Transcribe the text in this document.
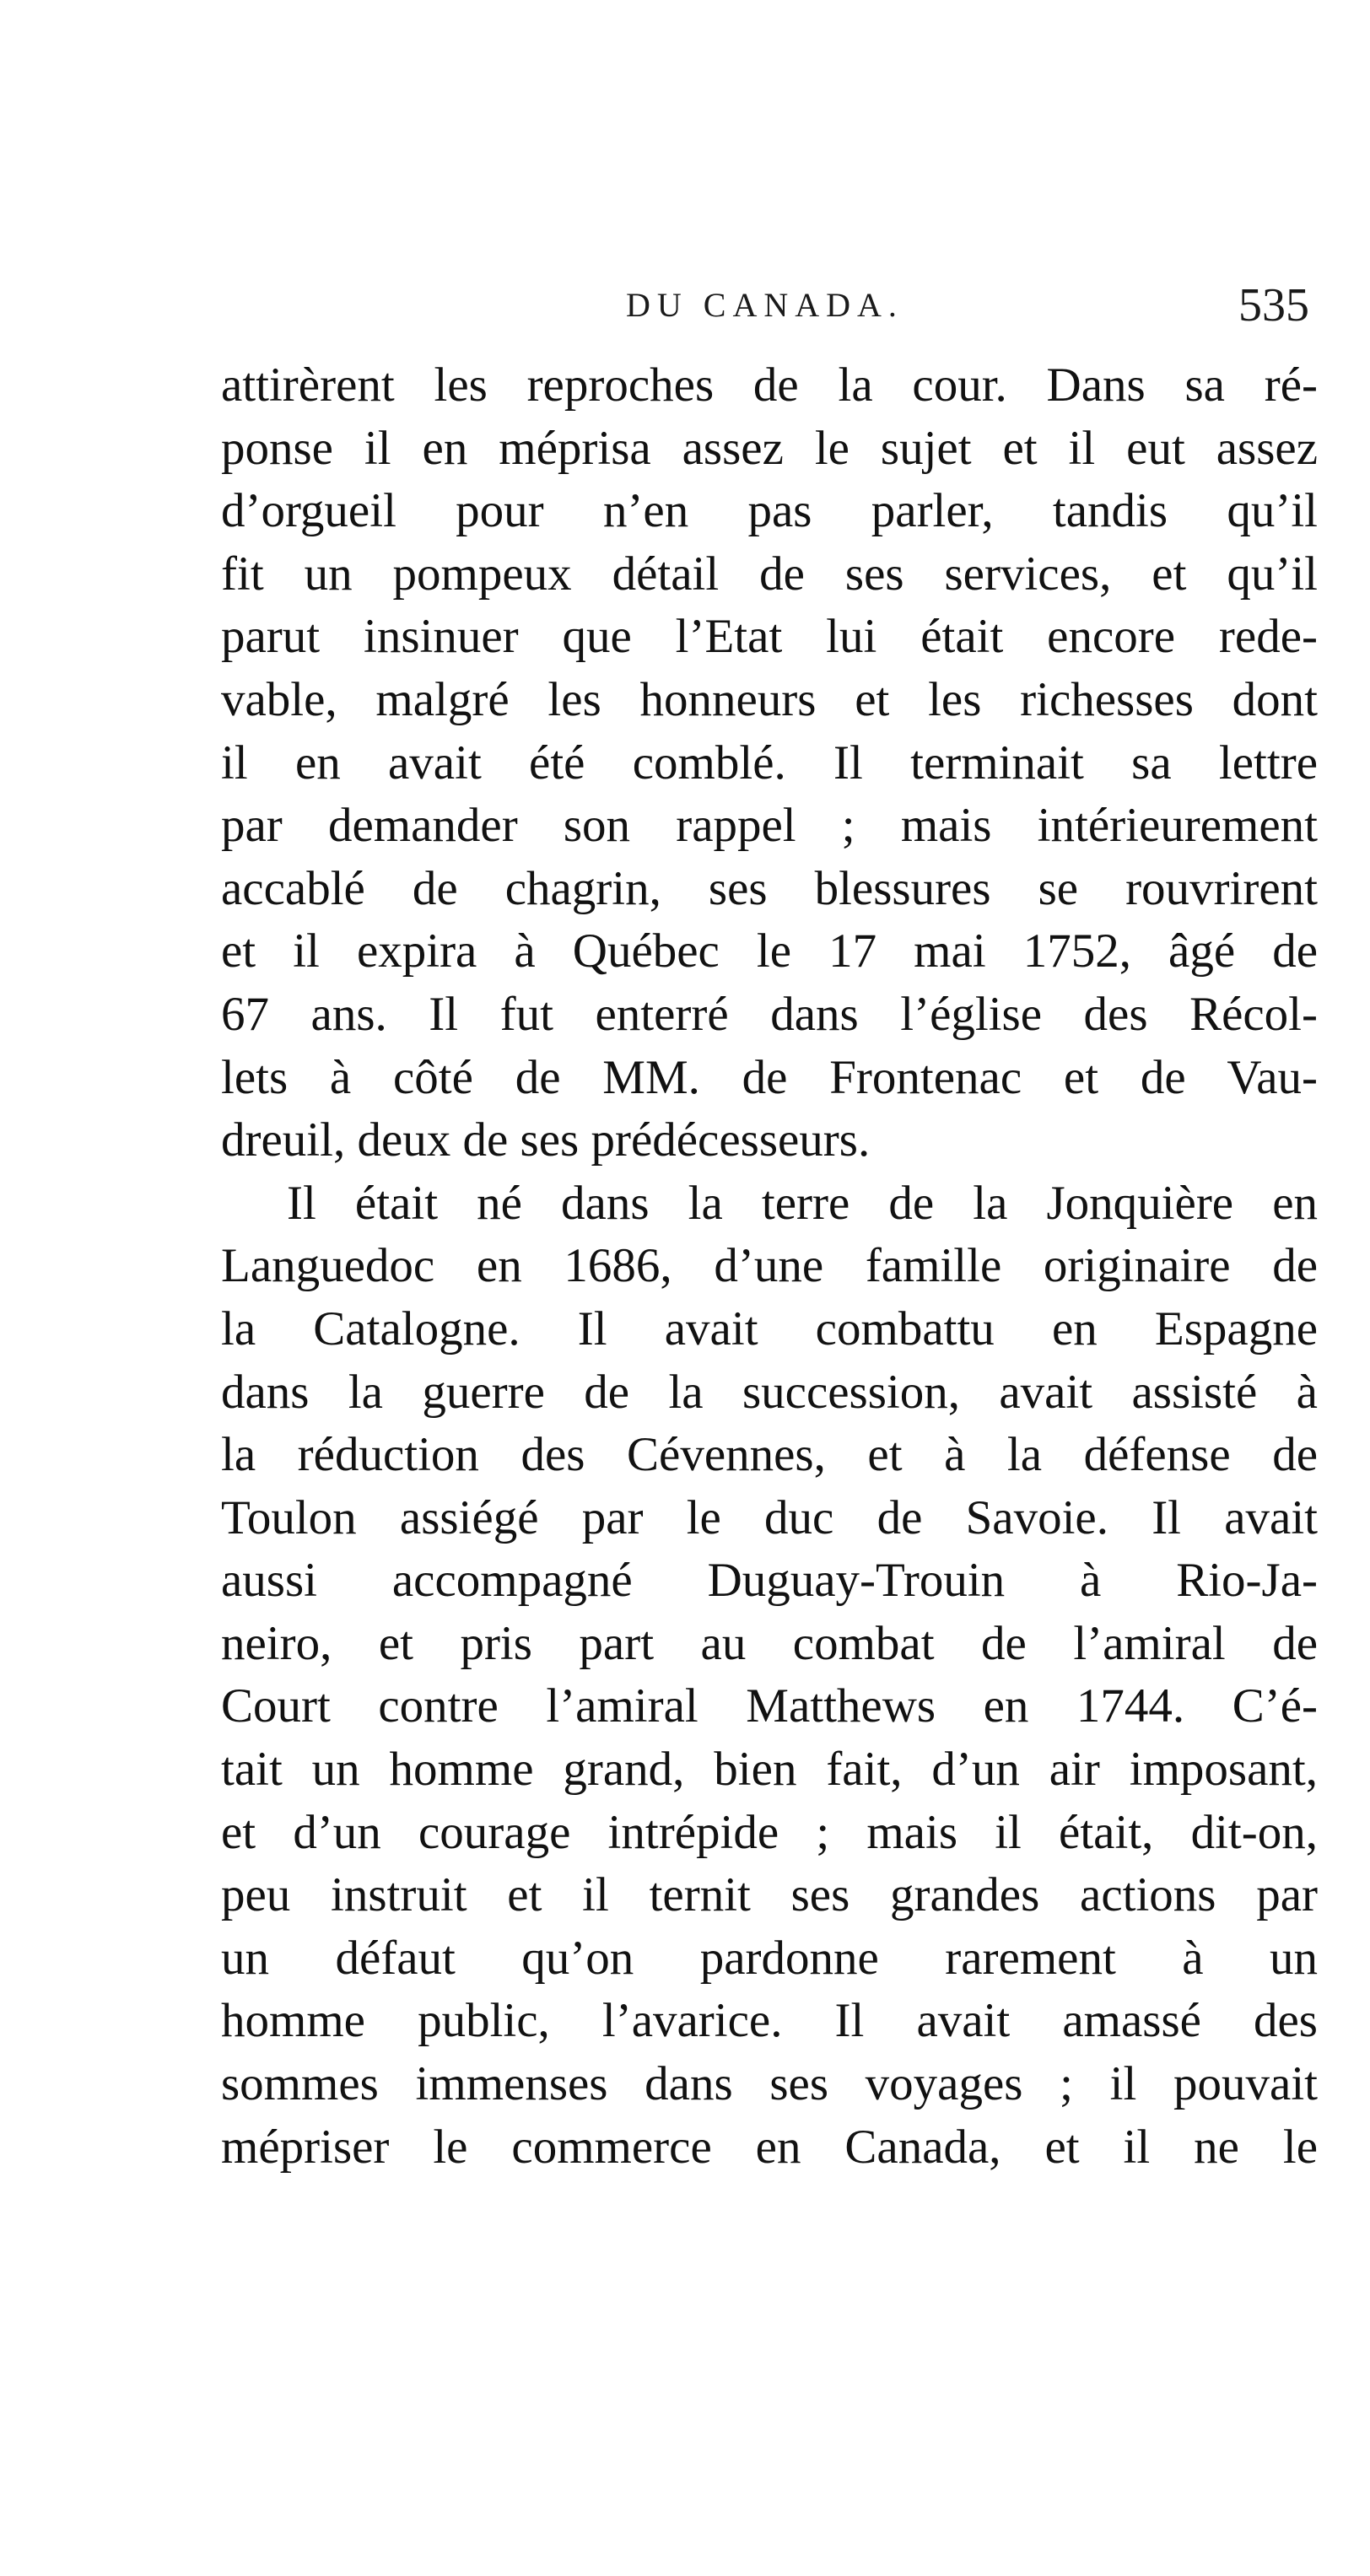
DU CANADA.	535
attirèrent les reproches de la cour. Dans sa ré-
ponse il en méprisa assez le sujet et il eut assez
d’orgueil pour n’en pas parler, tandis qu’il
fit un pompeux détail de ses services, et qu’il
parut insinuer que l’Etat lui était encore rede-
vable, malgré les honneurs et les richesses dont
il en avait été comblé. Il terminait sa lettre
par demander son rappel ; mais intérieurement
accablé de chagrin, ses blessures se rouvrirent
et il expira à Québec le 17 mai 1752, âgé de
67 ans. Il fut enterré dans l’église des Récol-
lets à côté de MM. de Frontenac et de Vau-
dreuil, deux de ses prédécesseurs.
Il était né dans la terre de la Jonquière en
Languedoc en 1686, d’une famille originaire de
la Catalogne. Il avait combattu en Espagne
dans la guerre de la succession, avait assisté à
la réduction des Cévennes, et à la défense de
Toulon assiégé par le duc de Savoie. Il avait
aussi accompagné Duguay-Trouin à Rio-Ja-
neiro, et pris part au combat de l’amiral de
Court contre l’amiral Matthews en 1744. C’é-
tait un homme grand, bien fait, d’un air imposant,
et d’un courage intrépide ; mais il était, dit-on,
peu instruit et il ternit ses grandes actions par
un défaut qu’on pardonne rarement à un
homme public, l’avarice. Il avait amassé des
sommes immenses dans ses voyages ; il pouvait
mépriser le commerce en Canada, et il ne le
